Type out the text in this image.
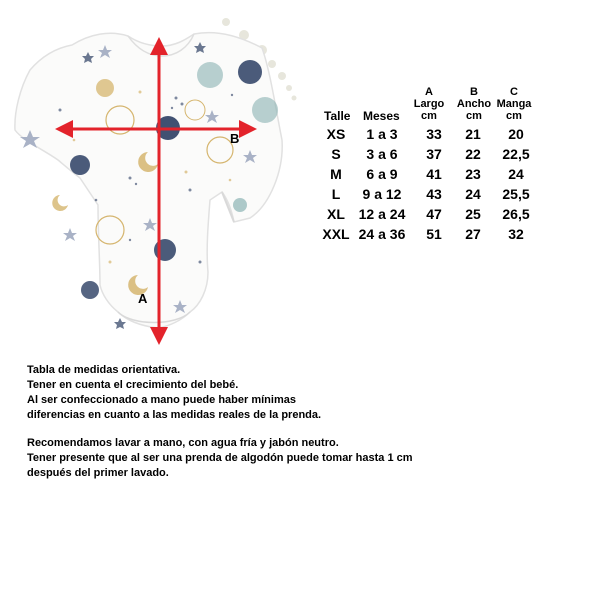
B
A
A
Largo
cm
B
Ancho
cm
C
Manga
cm
Talle Meses
XS
S
M
L
XL
XXL
1 a 3
3 a 6
6 a 9
9 a 12
12 a 24
24 a 36
33
37
41
43
47
51
21
22
23
24
25
27
20
22,5
24
25,5
26,5
32
Tabla de medidas orientativa.
Tener en cuenta el crecimiento del bebé.
Al ser confeccionado a mano puede haber mínimas
diferencias en cuanto a las medidas reales de la prenda.
Recomendamos lavar a mano, con agua fría y jabón neutro.
Tener presente que al ser una prenda de algodón puede tomar hasta 1 cm
después del primer lavado.
